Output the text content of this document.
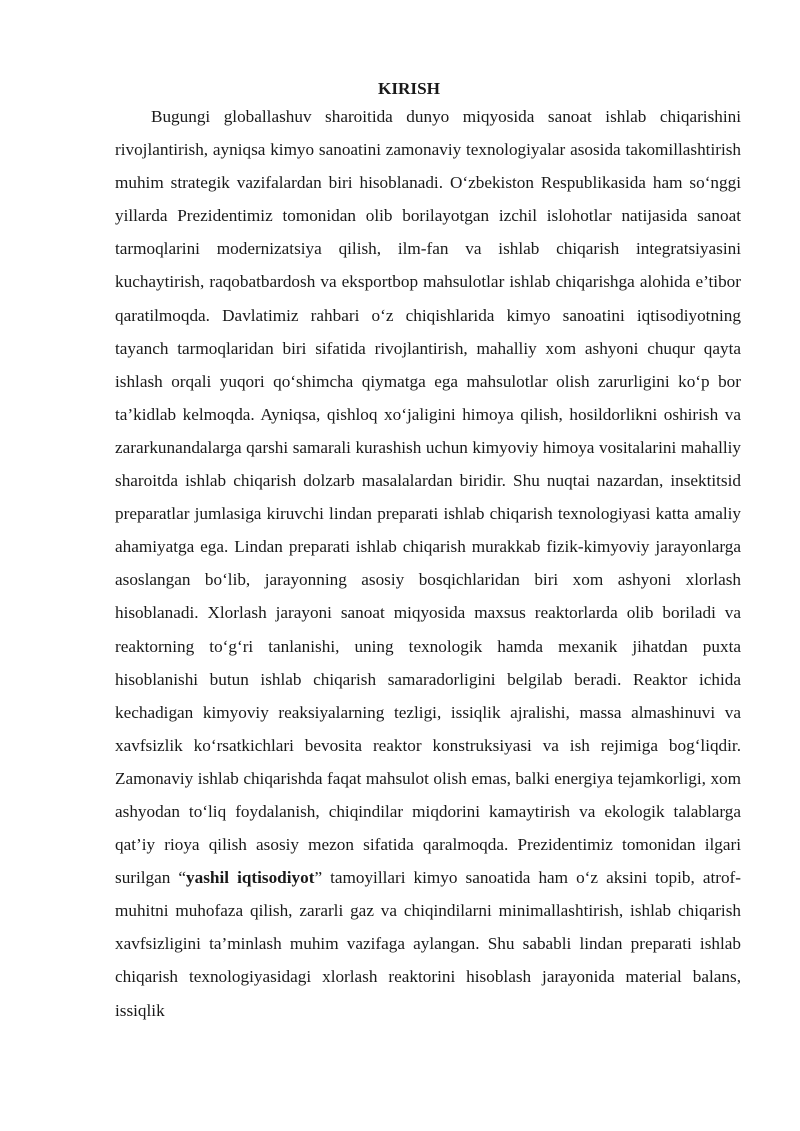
KIRISH

Bugungi globallashuv sharoitida dunyo miqyosida sanoat ishlab chiqarishini rivojlantirish, ayniqsa kimyo sanoatini zamonaviy texnologiyalar asosida takomillashtirish muhim strategik vazifalardan biri hisoblanadi. O‘zbekiston Respublikasida ham so‘nggi yillarda Prezidentimiz tomonidan olib borilayotgan izchil islohotlar natijasida sanoat tarmoqlarini modernizatsiya qilish, ilm-fan va ishlab chiqarish integratsiyasini kuchaytirish, raqobatbardosh va eksportbop mahsulotlar ishlab chiqarishga alohida e’tibor qaratilmoqda. Davlatimiz rahbari o‘z chiqishlarida kimyo sanoatini iqtisodiyotning tayanch tarmoqlaridan biri sifatida rivojlantirish, mahalliy xom ashyoni chuqur qayta ishlash orqali yuqori qo‘shimcha qiymatga ega mahsulotlar olish zarurligini ko‘p bor ta’kidlab kelmoqda. Ayniqsa, qishloq xo‘jaligini himoya qilish, hosildorlikni oshirish va zararkunandalarga qarshi samarali kurashish uchun kimyoviy himoya vositalarini mahalliy sharoitda ishlab chiqarish dolzarb masalalardan biridir. Shu nuqtai nazardan, insektitsid preparatlar jumlasiga kiruvchi lindan preparati ishlab chiqarish texnologiyasi katta amaliy ahamiyatga ega. Lindan preparati ishlab chiqarish murakkab fizik-kimyoviy jarayonlarga asoslangan bo‘lib, jarayonning asosiy bosqichlaridan biri xom ashyoni xlorlash hisoblanadi. Xlorlash jarayoni sanoat miqyosida maxsus reaktorlarda olib boriladi va reaktorning to‘g‘ri tanlanishi, uning texnologik hamda mexanik jihatdan puxta hisoblanishi butun ishlab chiqarish samaradorligini belgilab beradi. Reaktor ichida kechadigan kimyoviy reaksiyalarning tezligi, issiqlik ajralishi, massa almashinuvi va xavfsizlik ko‘rsatkichlari bevosita reaktor konstruksiyasi va ish rejimiga bog‘liqdir. Zamonaviy ishlab chiqarishda faqat mahsulot olish emas, balki energiya tejamkorligi, xom ashyodan to‘liq foydalanish, chiqindilar miqdorini kamaytirish va ekologik talablarga qat’iy rioya qilish asosiy mezon sifatida qaralmoqda. Prezidentimiz tomonidan ilgari surilgan “yashil iqtisodiyot” tamoyillari kimyo sanoatida ham o‘z aksini topib, atrof-muhitni muhofaza qilish, zararli gaz va chiqindilarni minimallashtirish, ishlab chiqarish xavfsizligini ta’minlash muhim vazifaga aylangan. Shu sababli lindan preparati ishlab chiqarish texnologiyasidagi xlorlash reaktorini hisoblash jarayonida material balans, issiqlik
